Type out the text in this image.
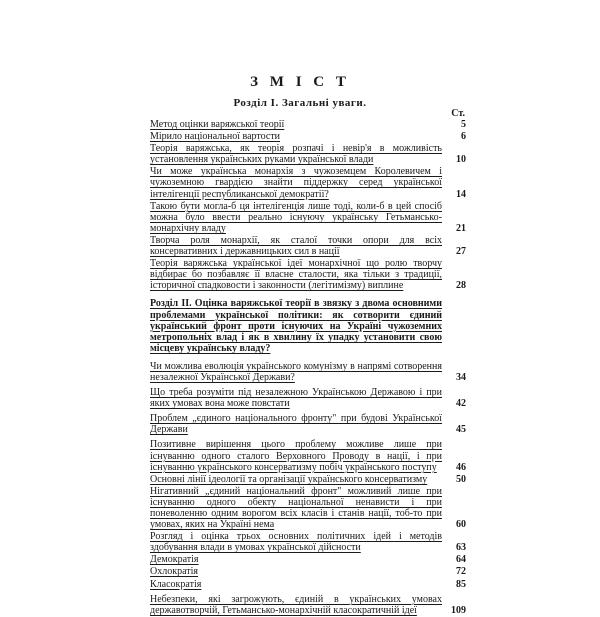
З М І С Т
Розділ І. Загальні уваги.
Ст.
Метод оцінки варяжської теорії	5
Мірило національної вартости	6
Теорія варяжська, як теорія розпачі і невір'я в можливість установлення українських руками української влади	10
Чи може українська монархія з чужоземцем Королевичем і чужоземною гвардією знайти піддержку серед української інтелігенції республиканської демократії?	14
Такою бути могла-б ця інтелігенція лише тоді, коли-б в цей спосіб можна було ввести реально існуючу українську Гетьмансько-монархічну владу	21
Творча роля монархії, як сталої точки опори для всіх консервативних і державницьких сил в нації	27
Теорія варяжська української ідеї монархічної що ролю творчу відбирає бо позбавляє її власне сталости, яка тільки з традиції, історичної спадковости і законности (легітимізму) виплине	28
Розділ ІІ. Оцінка варяжської теорії в звязку з двома основними проблемами української політики: як сотворити єдиний український фронт проти існуючих на Україні чужоземних метропольніх влад і як в хвилину їх упадку установити свою місцеву українську владу?
Чи можлива еволюція українського комунізму в напрямі сотворення незалежної Української Держави?	34
Що треба розуміти під незалежною Українською Державою і при яких умовах вона може повстати	42
Проблем „єдиного національного фронту" при будові Української Держави	45
Позитивне вирішення цього проблему можливе лише при існуванню одного сталого Верховного Проводу в нації, і при існуванню українського консерватизму побіч українського поступу	46
Основні лінії ідеології та організації українського консерватизму	50
Нігативний „єдиний національний фронт" можливий лише при існуванню одного обекту національної ненависти і при поневоленню одним ворогом всіх класів і станів нації, тоб-то при умовах, яких на Україні нема	60
Розгляд і оцінка трьох основних політичних ідей і методів здобування влади в умовах української дійсности	63
Демократія	64
Охлократія	72
Класократія	85
Небезпеки, які загрожують, єдиній в українських умовах державотворчій, Гетьмансько-монархічній класократичній ідеї	109
